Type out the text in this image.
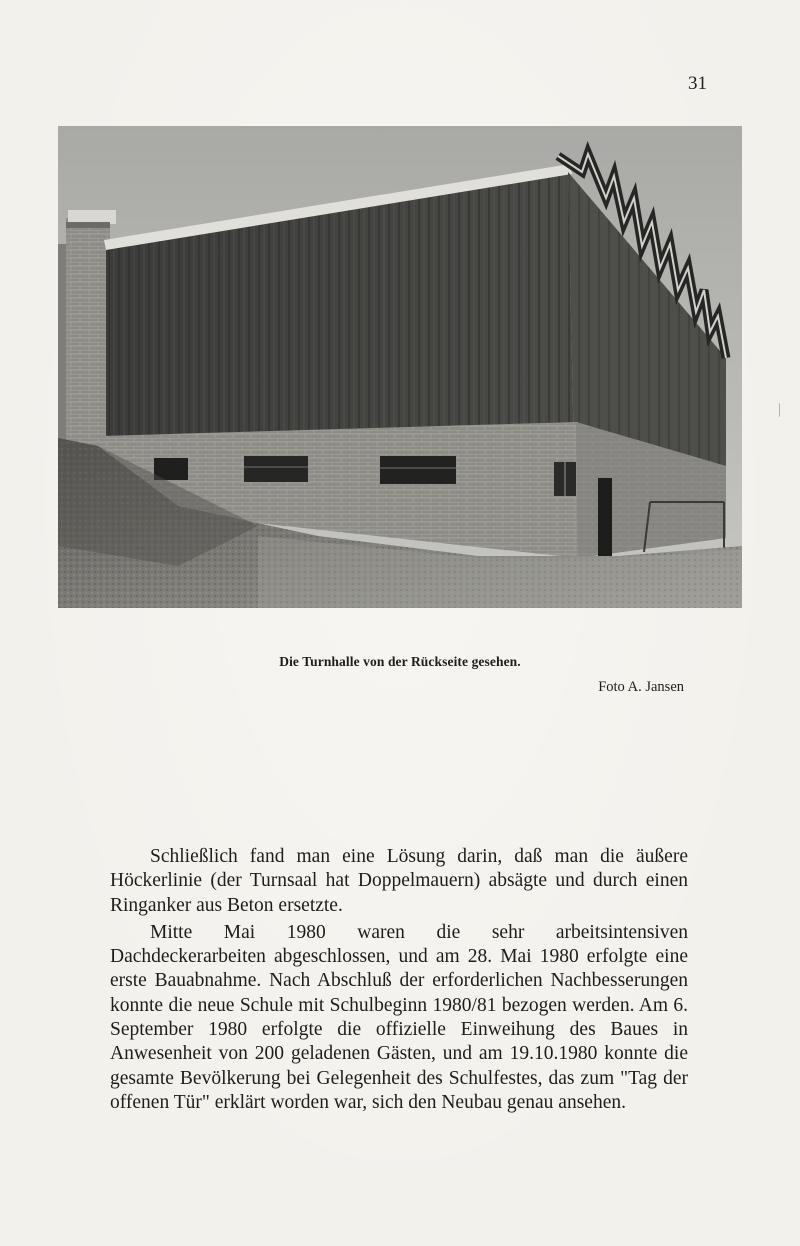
31
Die Turnhalle von der Rückseite gesehen.
Foto A. Jansen

Schließlich fand man eine Lösung darin, daß man die äußere Höckerlinie (der Turnsaal hat Doppelmauern) absägte und durch einen Ringanker aus Beton ersetzte.

Mitte Mai 1980 waren die sehr arbeitsintensiven Dachdeckerarbeiten abgeschlossen, und am 28. Mai 1980 erfolgte eine erste Bauabnahme. Nach Abschluß der erforderlichen Nachbesserungen konnte die neue Schule mit Schulbeginn 1980/81 bezogen werden. Am 6. September 1980 erfolgte die offizielle Einweihung des Baues in Anwesenheit von 200 geladenen Gästen, und am 19.10.1980 konnte die gesamte Bevölkerung bei Gelegenheit des Schulfestes, das zum "Tag der offenen Tür" erklärt worden war, sich den Neubau genau ansehen.
